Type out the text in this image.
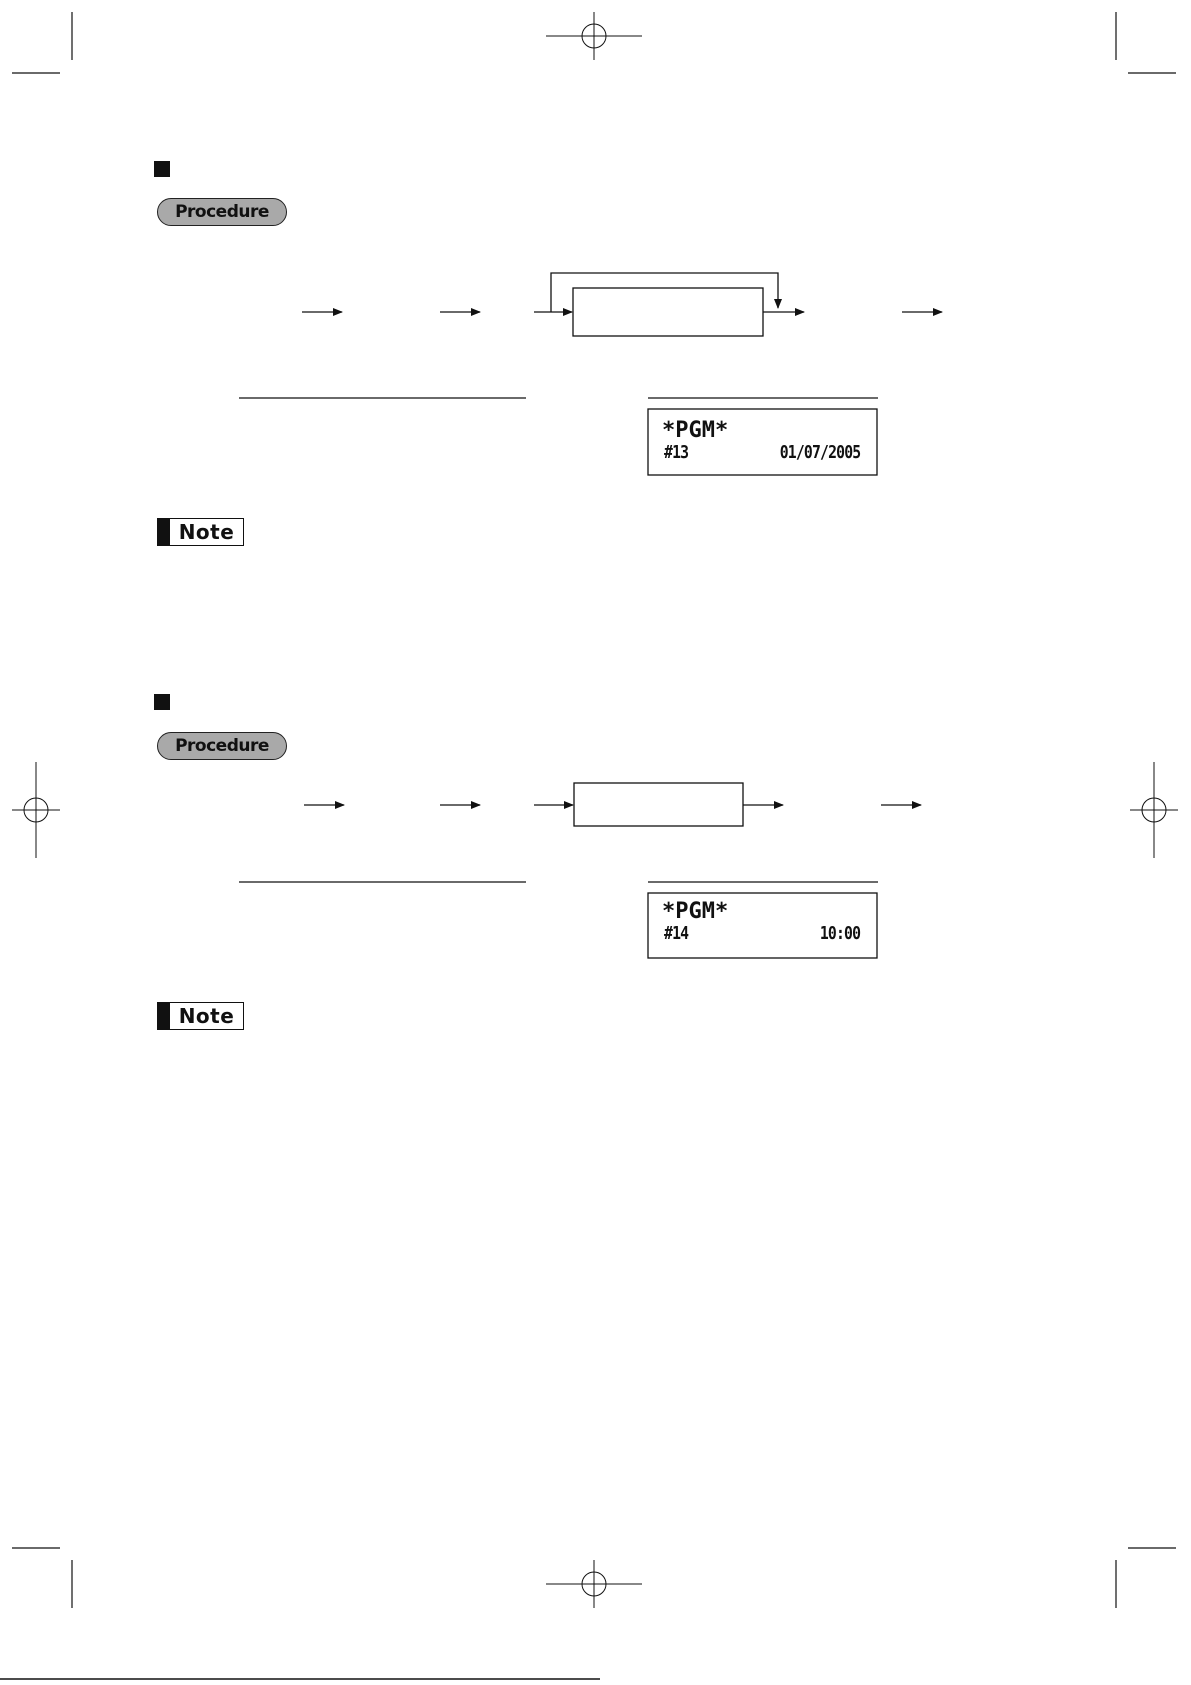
Procedure
*PGM*
#13	01/07/2005
Note
Procedure
*PGM*
#14	10:00
Note
